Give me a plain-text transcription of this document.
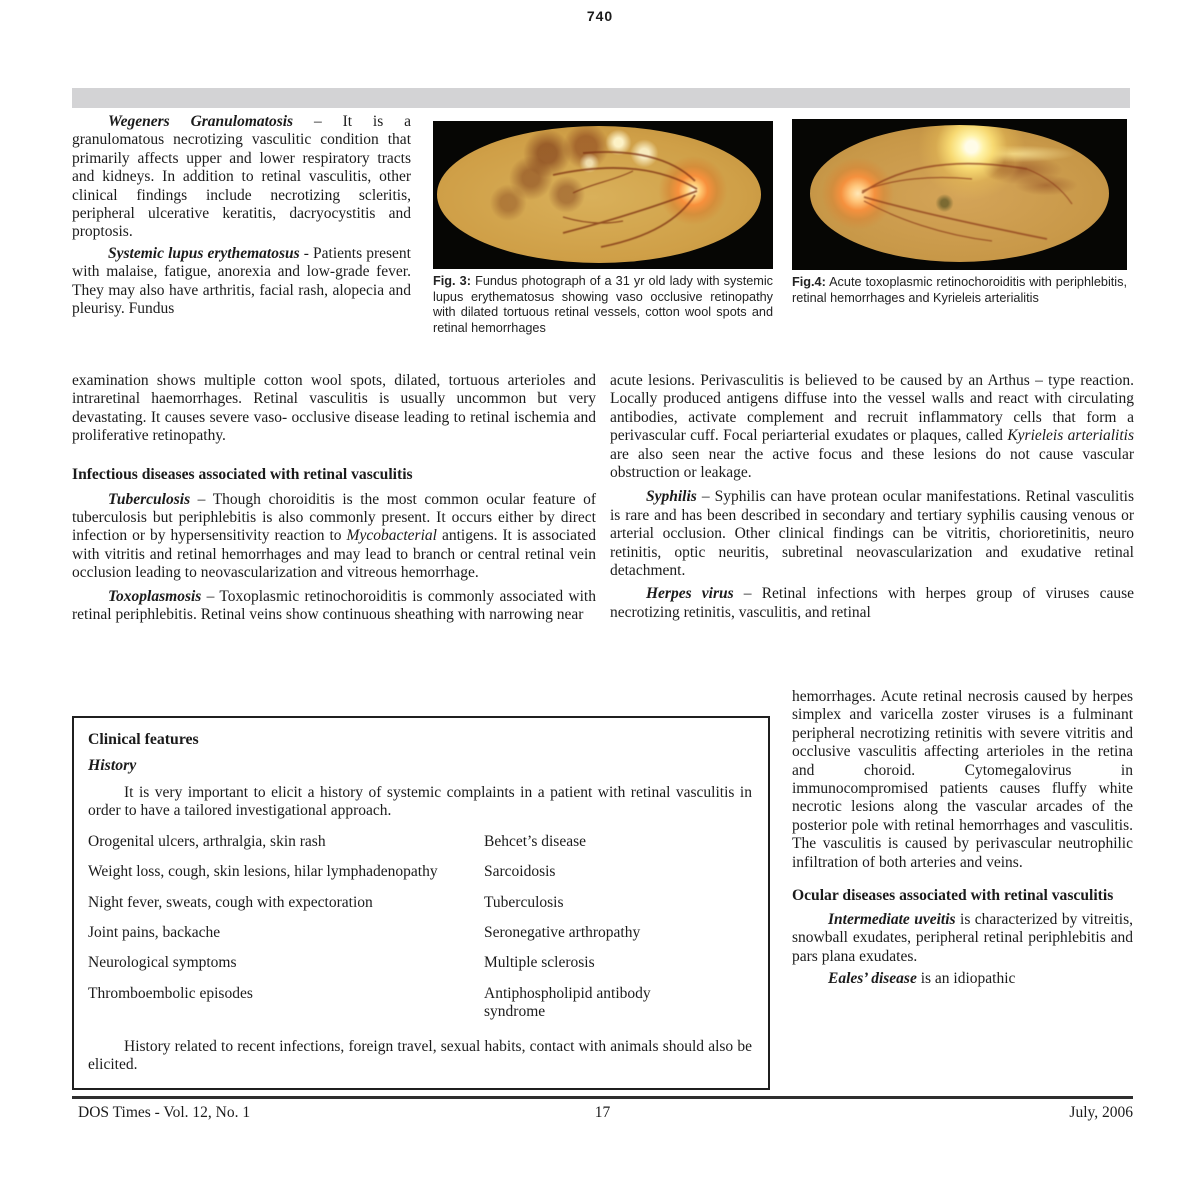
740

Wegeners Granulomatosis – It is a granulomatous necrotizing vasculitic condition that primarily affects upper and lower respiratory tracts and kidneys. In addition to retinal vasculitis, other clinical findings include necrotizing scleritis, peripheral ulcerative keratitis, dacryocystitis and proptosis.

Systemic lupus erythematosus - Patients present with malaise, fatigue, anorexia and low-grade fever. They may also have arthritis, facial rash, alopecia and pleurisy. Fundus

Fig. 3: Fundus photograph of a 31 yr old lady with systemic lupus erythematosus showing vaso occlusive retinopathy with dilated tortuous retinal vessels, cotton wool spots and retinal hemorrhages
Fig.4: Acute toxoplasmic retinochoroiditis with periphlebitis, retinal hemorrhages and Kyrieleis arterialitis

examination shows multiple cotton wool spots, dilated, tortuous arterioles and intraretinal haemorrhages. Retinal vasculitis is usually uncommon but very devastating. It causes severe vaso- occlusive disease leading to retinal ischemia and proliferative retinopathy.

Infectious diseases associated with retinal vasculitis

Tuberculosis – Though choroiditis is the most common ocular feature of tuberculosis but periphlebitis is also commonly present. It occurs either by direct infection or by hypersensitivity reaction to Mycobacterial antigens. It is associated with vitritis and retinal hemorrhages and may lead to branch or central retinal vein occlusion leading to neovascularization and vitreous hemorrhage.

Toxoplasmosis – Toxoplasmic retinochoroiditis is commonly associated with retinal periphlebitis. Retinal veins show continuous sheathing with narrowing near

acute lesions. Perivasculitis is believed to be caused by an Arthus – type reaction. Locally produced antigens diffuse into the vessel walls and react with circulating antibodies, activate complement and recruit inflammatory cells that form a perivascular cuff. Focal periarterial exudates or plaques, called Kyrieleis arterialitis are also seen near the active focus and these lesions do not cause vascular obstruction or leakage.

Syphilis – Syphilis can have protean ocular manifestations. Retinal vasculitis is rare and has been described in secondary and tertiary syphilis causing venous or arterial occlusion. Other clinical findings can be vitritis, chorioretinitis, neuro retinitis, optic neuritis, subretinal neovascularization and exudative retinal detachment.

Herpes virus – Retinal infections with herpes group of viruses cause necrotizing retinitis, vasculitis, and retinal

hemorrhages. Acute retinal necrosis caused by herpes simplex and varicella zoster viruses is a fulminant peripheral necrotizing retinitis with severe vitritis and occlusive vasculitis affecting arterioles in the retina and choroid. Cytomegalovirus in immunocompromised patients causes fluffy white necrotic lesions along the vascular arcades of the posterior pole with retinal hemorrhages and vasculitis. The vasculitis is caused by perivascular neutrophilic infiltration of both arteries and veins.

Ocular diseases associated with retinal vasculitis

Intermediate uveitis is characterized by vitreitis, snowball exudates, peripheral retinal periphlebitis and pars plana exudates.

Eales’ disease is an idiopathic

Clinical features
History

It is very important to elicit a history of systemic complaints in a patient with retinal vasculitis in order to have a tailored investigational approach.

Orogenital ulcers, arthralgia, skin rash	Behcet’s disease
Weight loss, cough, skin lesions, hilar lymphadenopathy	Sarcoidosis
Night fever, sweats, cough with expectoration	Tuberculosis
Joint pains, backache	Seronegative arthropathy
Neurological symptoms	Multiple sclerosis
Thromboembolic episodes	Antiphospholipid antibody syndrome

History related to recent infections, foreign travel, sexual habits, contact with animals should also be elicited.

DOS Times - Vol. 12, No. 1	17	July, 2006
